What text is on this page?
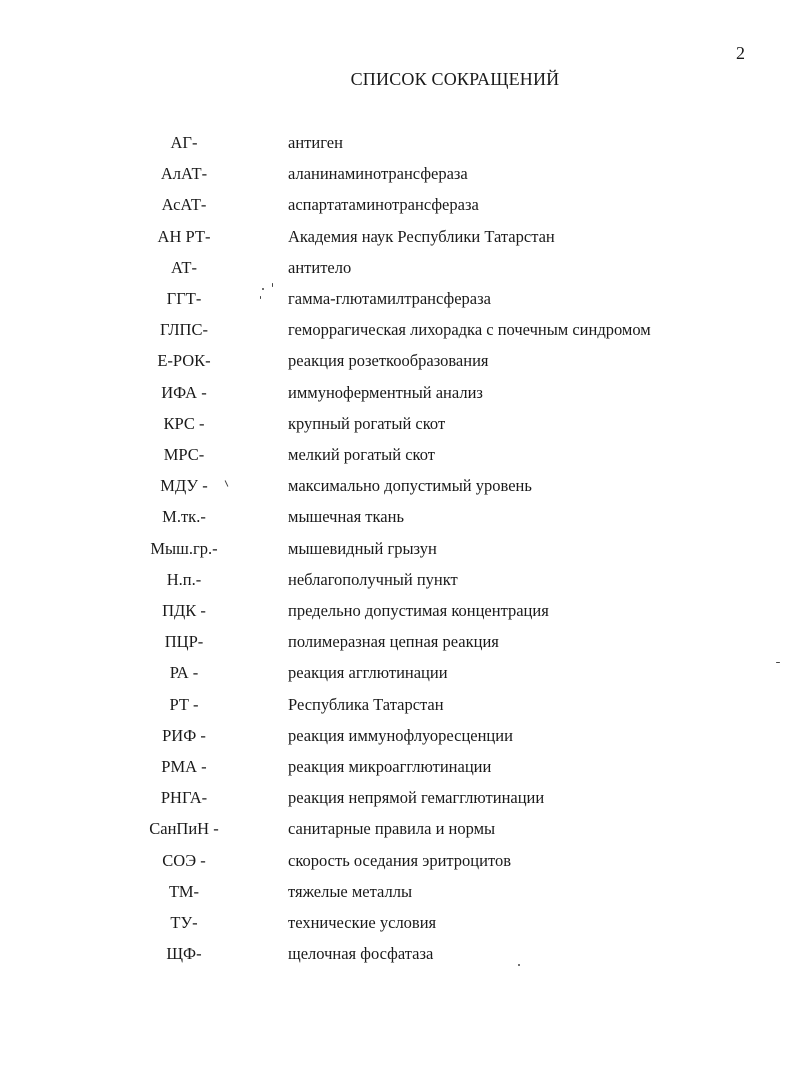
2
СПИСОК СОКРАЩЕНИЙ
АГ-	антиген
АлАТ-	аланинаминотрансфераза
АсАТ-	аспартатаминотрансфераза
АН РТ-	Академия наук Республики Татарстан
АТ-	антитело
ГГТ-	гамма-глютамилтрансфераза
ГЛПС-	геморрагическая лихорадка с почечным синдромом
Е-РОК-	реакция розеткообразования
ИФА -	иммуноферментный анализ
КРС -	крупный рогатый скот
МРС-	мелкий рогатый скот
МДУ -	максимально допустимый уровень
М.тк.-	мышечная ткань
Мыш.гр.-	мышевидный грызун
Н.п.-	неблагополучный пункт
ПДК -	предельно допустимая концентрация
ПЦР-	полимеразная цепная реакция
РА -	реакция агглютинации
РТ -	Республика Татарстан
РИФ -	реакция иммунофлуоресценции
РМА -	реакция микроагглютинации
РНГА-	реакция непрямой гемагглютинации
СанПиН -	санитарные правила и нормы
СОЭ -	скорость оседания эритроцитов
ТМ-	тяжелые металлы
ТУ-	технические условия
ЩФ-	щелочная фосфатаза
